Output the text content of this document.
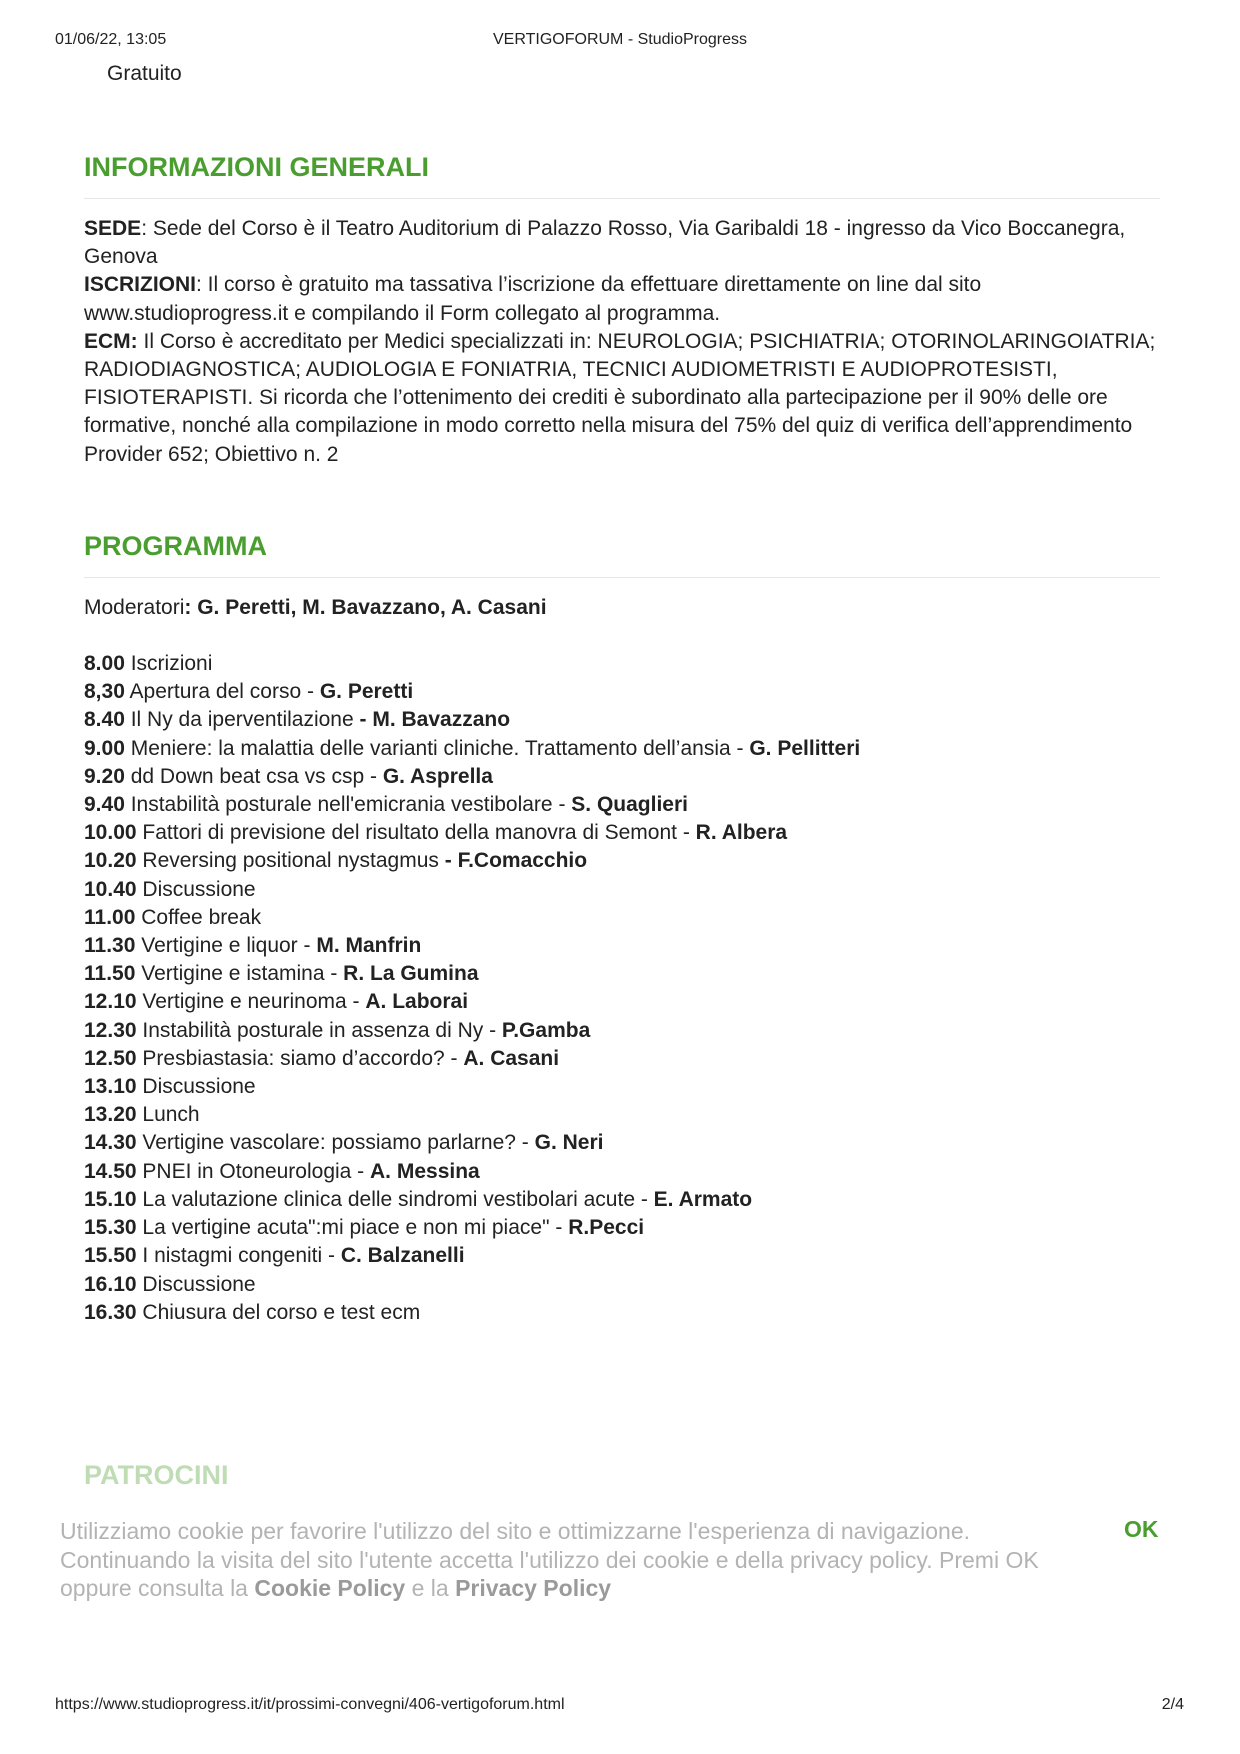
01/06/22, 13:05	VERTIGOFORUM - StudioProgress
Gratuito
INFORMAZIONI GENERALI

SEDE: Sede del Corso è il Teatro Auditorium di Palazzo Rosso, Via Garibaldi 18 - ingresso da Vico Boccanegra, Genova

ISCRIZIONI: Il corso è gratuito ma tassativa l’iscrizione da effettuare direttamente on line dal sito www.studioprogress.it e compilando il Form collegato al programma.

ECM: Il Corso è accreditato per Medici specializzati in: NEUROLOGIA; PSICHIATRIA; OTORINOLARINGOIATRIA; RADIODIAGNOSTICA; AUDIOLOGIA E FONIATRIA, TECNICI AUDIOMETRISTI E AUDIOPROTESISTI, FISIOTERAPISTI. Si ricorda che l’ottenimento dei crediti è subordinato alla partecipazione per il 90% delle ore formative, nonché alla compilazione in modo corretto nella misura del 75% del quiz di verifica dell’apprendimento

Provider 652; Obiettivo n. 2

PROGRAMMA
Moderatori: G. Peretti, M. Bavazzano, A. Casani
8.00 Iscrizioni
8,30 Apertura del corso - G. Peretti
8.40 Il Ny da iperventilazione - M. Bavazzano
9.00 Meniere: la malattia delle varianti cliniche. Trattamento dell’ansia - G. Pellitteri
9.20 dd Down beat csa vs csp - G. Asprella
9.40 Instabilità posturale nell'emicrania vestibolare - S. Quaglieri
10.00 Fattori di previsione del risultato della manovra di Semont - R. Albera
10.20 Reversing positional nystagmus - F.Comacchio
10.40 Discussione
11.00 Coffee break
11.30 Vertigine e liquor - M. Manfrin
11.50 Vertigine e istamina - R. La Gumina
12.10 Vertigine e neurinoma - A. Laborai
12.30 Instabilità posturale in assenza di Ny - P.Gamba
12.50 Presbiastasia: siamo d’accordo? - A. Casani
13.10 Discussione
13.20 Lunch
14.30 Vertigine vascolare: possiamo parlarne? - G. Neri
14.50 PNEI in Otoneurologia - A. Messina
15.10 La valutazione clinica delle sindromi vestibolari acute - E. Armato
15.30 La vertigine acuta":mi piace e non mi piace" - R.Pecci
15.50 I nistagmi congeniti - C. Balzanelli
16.10 Discussione
16.30 Chiusura del corso e test ecm
PATROCINI
Utilizziamo cookie per favorire l'utilizzo del sito e ottimizzarne l'esperienza di navigazione. Continuando la visita del sito l'utente accetta l'utilizzo dei cookie e della privacy policy. Premi OK oppure consulta la Cookie Policy e la Privacy Policy
OK
https://www.studioprogress.it/it/prossimi-convegni/406-vertigoforum.html	2/4
